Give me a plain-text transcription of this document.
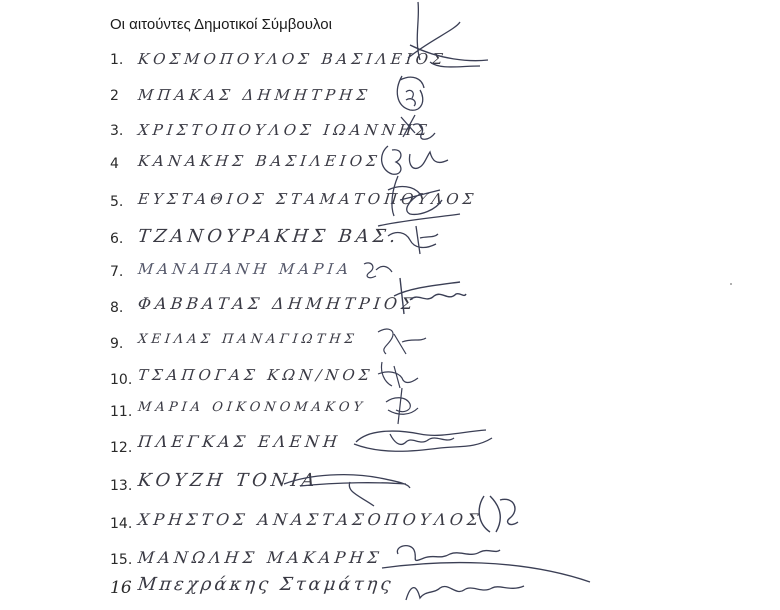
Οι αιτούντες Δημοτικοί Σύμβουλοι
1. ΚΟΣΜΟΠΟΥΛΟΣ ΒΑΣΙΛΕΙΟΣ
2 ΜΠΑΚΑΣ ΔΗΜΗΤΡΗΣ
3. ΧΡΙΣΤΟΠΟΥΛΟΣ ΙΩΑΝΝΗΣ
4 ΚΑΝΑΚΗΣ ΒΑΣΙΛΕΙΟΣ
5. ΕΥΣΤΑΘΙΟΣ ΣΤΑΜΑΤΟΠΟΥΛΟΣ
6. ΤΖΑΝΟΥΡΑΚΗΣ ΒΑΣ.
7. ΜΑΝΑΠΑΝΗ ΜΑΡΙΑ
8. ΦΑΒΒΑΤΑΣ ΔΗΜΗΤΡΙΟΣ
9. ΧΕΙΛΑΣ ΠΑΝΑΓΙΩΤΗΣ
10. ΤΣΑΠΟΓΑΣ ΚΩΝ/ΝΟΣ
11. ΜΑΡΙΑ ΟΙΚΟΝΟΜΑΚΟΥ
12. ΠΛΕΓΚΑΣ ΕΛΕΝΗ
13. ΚΟΥΖΗ ΤΟΝΙΑ
14. ΧΡΗΣΤΟΣ ΑΝΑΣΤΑΣΟΠΟΥΛΟΣ
15. ΜΑΝΩΛΗΣ ΜΑΚΑΡΗΣ
16 Μπεχράκης Σταμάτης
